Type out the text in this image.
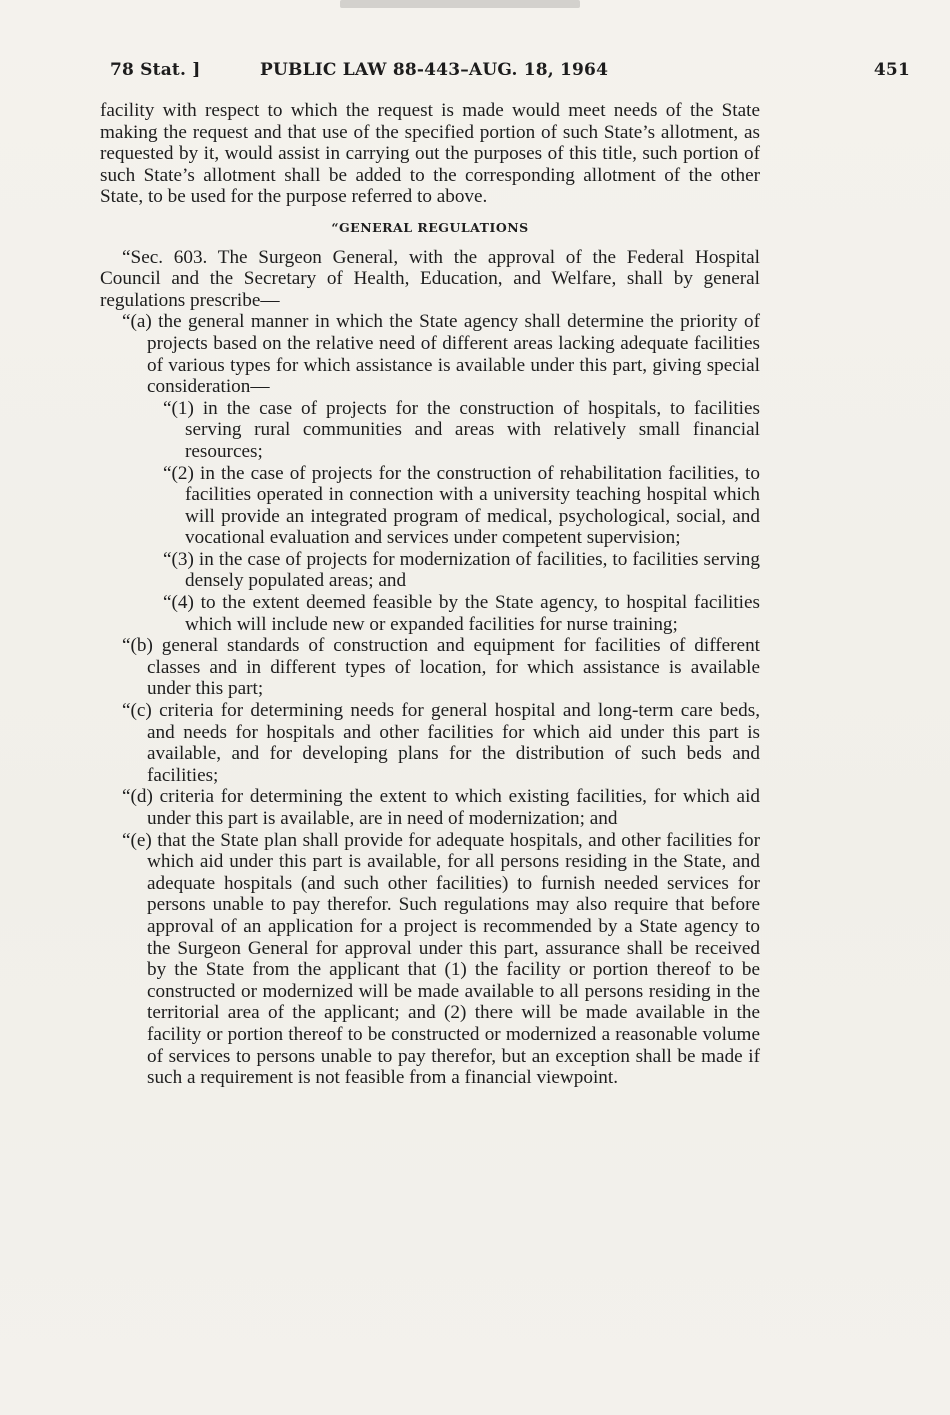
78 Stat. ]	PUBLIC LAW 88-443–AUG. 18, 1964	451

facility with respect to which the request is made would meet needs of the State making the request and that use of the specified portion of such State’s allotment, as requested by it, would assist in carrying out the purposes of this title, such portion of such State’s allotment shall be added to the corresponding allotment of the other State, to be used for the purpose referred to above.

“GENERAL REGULATIONS

“Sec. 603. The Surgeon General, with the approval of the Federal Hospital Council and the Secretary of Health, Education, and Welfare, shall by general regulations prescribe—

“(a) the general manner in which the State agency shall determine the priority of projects based on the relative need of different areas lacking adequate facilities of various types for which assistance is available under this part, giving special consideration—

“(1) in the case of projects for the construction of hospitals, to facilities serving rural communities and areas with relatively small financial resources;

“(2) in the case of projects for the construction of rehabilitation facilities, to facilities operated in connection with a university teaching hospital which will provide an integrated program of medical, psychological, social, and vocational evaluation and services under competent supervision;

“(3) in the case of projects for modernization of facilities, to facilities serving densely populated areas; and

“(4) to the extent deemed feasible by the State agency, to hospital facilities which will include new or expanded facilities for nurse training;

“(b) general standards of construction and equipment for facilities of different classes and in different types of location, for which assistance is available under this part;

“(c) criteria for determining needs for general hospital and long-term care beds, and needs for hospitals and other facilities for which aid under this part is available, and for developing plans for the distribution of such beds and facilities;

“(d) criteria for determining the extent to which existing facilities, for which aid under this part is available, are in need of modernization; and

“(e) that the State plan shall provide for adequate hospitals, and other facilities for which aid under this part is available, for all persons residing in the State, and adequate hospitals (and such other facilities) to furnish needed services for persons unable to pay therefor. Such regulations may also require that before approval of an application for a project is recommended by a State agency to the Surgeon General for approval under this part, assurance shall be received by the State from the applicant that (1) the facility or portion thereof to be constructed or modernized will be made available to all persons residing in the territorial area of the applicant; and (2) there will be made available in the facility or portion thereof to be constructed or modernized a reasonable volume of services to persons unable to pay therefor, but an exception shall be made if such a requirement is not feasible from a financial viewpoint.
